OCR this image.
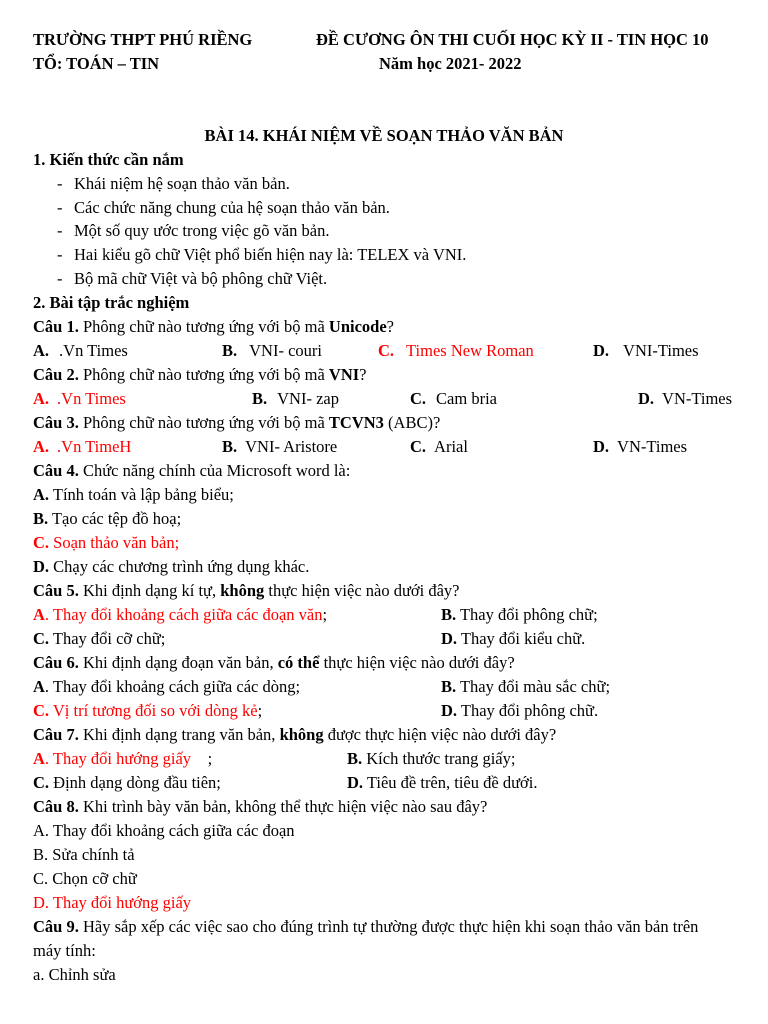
TRƯỜNG THPT PHÚ RIỀNG
TỔ: TOÁN – TIN
ĐỀ CƯƠNG ÔN THI CUỐI HỌC KỲ II - TIN HỌC 10
Năm học 2021- 2022
BÀI 14. KHÁI NIỆM VỀ SOẠN THẢO VĂN BẢN
1. Kiến thức cần nắm
- Khái niệm hệ soạn thảo văn bản.
- Các chức năng chung của hệ soạn thảo văn bản.
- Một số quy ước trong việc gõ văn bản.
- Hai kiểu gõ chữ Việt phổ biến hiện nay là: TELEX và VNI.
- Bộ mã chữ Việt và bộ phông chữ Việt.
2. Bài tập trắc nghiệm
Câu 1. Phông chữ nào tương ứng với bộ mã Unicode?
A. .Vn Times	B. VNI- couri	C. Times New Roman	D. VNI-Times
Câu 2. Phông chữ nào tương ứng với bộ mã VNI?
A. .Vn Times	B. VNI- zap	C. Cam bria	D. VN-Times
Câu 3. Phông chữ nào tương ứng với bộ mã TCVN3 (ABC)?
A. .Vn TimeH	B. VNI- Aristore	C. Arial	D. VN-Times
Câu 4. Chức năng chính của Microsoft word là:
A. Tính toán và lập bảng biểu;
B. Tạo các tệp đồ hoạ;
C. Soạn thảo văn bản;
D. Chạy các chương trình ứng dụng khác.
Câu 5. Khi định dạng kí tự, không thực hiện việc nào dưới đây?
A. Thay đổi khoảng cách giữa các đoạn văn;	B. Thay đổi phông chữ;
C. Thay đổi cỡ chữ;	D. Thay đổi kiểu chữ.
Câu 6. Khi định dạng đoạn văn bản, có thể thực hiện việc nào dưới đây?
A. Thay đổi khoảng cách giữa các dòng;	B. Thay đổi màu sắc chữ;
C. Vị trí tương đối so với dòng kẻ;	D. Thay đổi phông chữ.
Câu 7. Khi định dạng trang văn bản, không được thực hiện việc nào dưới đây?
A. Thay đổi hướng giấy    ;	B. Kích thước trang giấy;
C. Định dạng dòng đầu tiên;	D. Tiêu đề trên, tiêu đề dưới.
Câu 8. Khi trình bày văn bản, không thể thực hiện việc nào sau đây?
A. Thay đổi khoảng cách giữa các đoạn
B. Sửa chính tả
C. Chọn cỡ chữ
D. Thay đổi hướng giấy
Câu 9. Hãy sắp xếp các việc sao cho đúng trình tự thường được thực hiện khi soạn thảo văn bản trên
máy tính:
a. Chỉnh sửa
